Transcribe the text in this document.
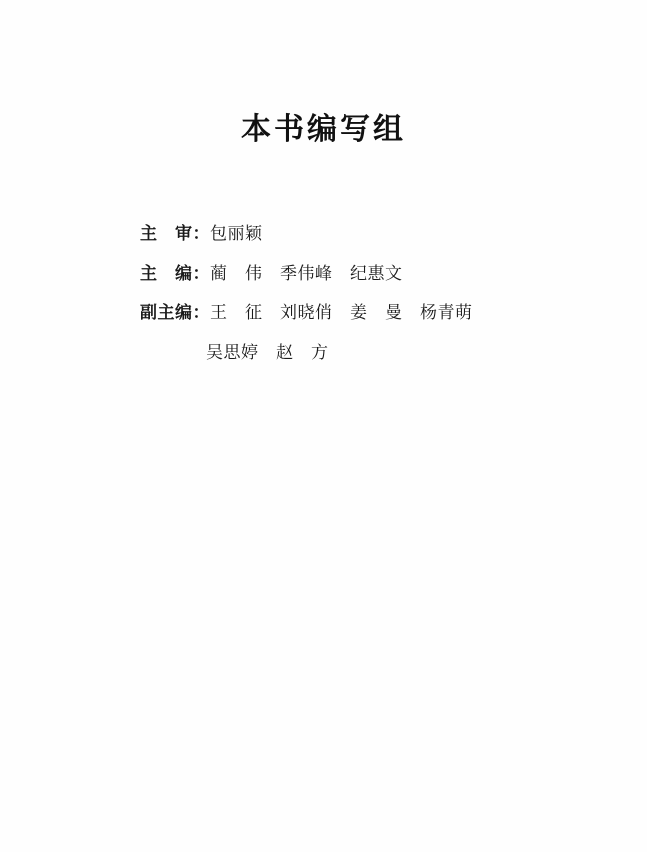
本书编写组
主　审： 包丽颖
主　编： 蔺　伟　季伟峰　纪惠文
副主编： 王　征　刘晓俏　姜　曼　杨青萌
吴思婷　赵　方
